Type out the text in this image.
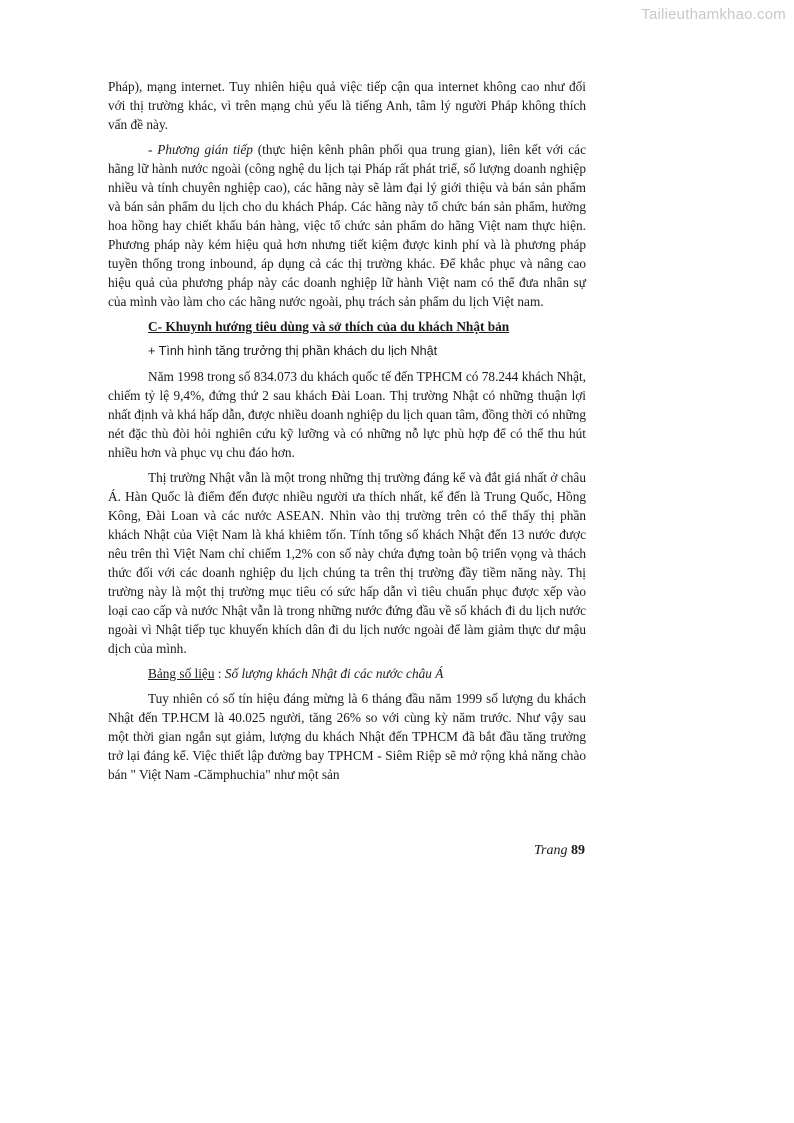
Tailieuthamkhao.com

Pháp), mạng internet. Tuy nhiên hiệu quả việc tiếp cận qua internet không cao như đối với thị trường khác, vì trên mạng chủ yếu là tiếng Anh, tâm lý người Pháp không thích vấn đề này.

- Phương gián tiếp (thực hiện kênh phân phối qua trung gian), liên kết với các hãng lữ hành nước ngoài (công nghệ du lịch tại Pháp rất phát triể, số lượng doanh nghiệp nhiều và tính chuyên nghiệp cao), các hãng này sẽ làm đại lý giới thiệu và bán sản phẩm và bán sản phẩm du lịch cho du khách Pháp. Các hãng này tổ chức bán sản phẩm, hưởng hoa hồng hay chiết khấu bán hàng, việc tổ chức sản phẩm do hãng Việt nam thực hiện. Phương pháp này kém hiệu quả hơn nhưng tiết kiệm được kinh phí và là phương pháp tuyền thống trong inbound, áp dụng cả các thị trường khác. Để khắc phục và nâng cao hiệu quả của phương pháp này các doanh nghiệp lữ hành Việt nam có thể đưa nhân sự của mình vào làm cho các hãng nước ngoài, phụ trách sản phẩm du lịch Việt nam.

C- Khuynh hướng tiêu dùng và sở thích của du khách Nhật bản

+ Tình hình tăng trưởng thị phần khách du lịch Nhật

Năm 1998 trong số 834.073 du khách quốc tế đến TPHCM có 78.244 khách Nhật, chiếm tỷ lệ 9,4%, đứng thứ 2 sau khách Đài Loan. Thị trường Nhật có những thuận lợi nhất định và khá hấp dẫn, được nhiều doanh nghiệp du lịch quan tâm, đồng thời có những nét đặc thù đòi hỏi nghiên cứu kỹ lưỡng và có những nỗ lực phù hợp để có thể thu hút nhiều hơn và phục vụ chu đáo hơn.

Thị trường Nhật vẫn là một trong những thị trường đáng kể và đắt giá nhất ở châu Á. Hàn Quốc là điểm đến được nhiều người ưa thích nhất, kế đến là Trung Quốc, Hồng Kông, Đài Loan và các nước ASEAN. Nhìn vào thị trường trên có thể thấy thị phần khách Nhật của Việt Nam là khá khiêm tốn. Tính tổng số khách Nhật đến 13 nước được nêu trên thì Việt Nam chỉ chiếm 1,2% con số này chứa đựng toàn bộ triển vọng và thách thức đối với các doanh nghiệp du lịch chúng ta trên thị trường đầy tiềm năng này. Thị trường này là một thị trường mục tiêu có sức hấp dẫn vì tiêu chuẩn phục được xếp vào loại cao cấp và nước Nhật vẫn là trong những nước đứng đầu về số khách đi du lịch nước ngoài vì Nhật tiếp tục khuyến khích dân đi du lịch nước ngoài để làm giảm thực dư mậu dịch của mình.

Bảng số liệu : Số lượng khách Nhật đi các nước châu Á

Tuy nhiên có số tín hiệu đáng mừng là 6 tháng đầu năm 1999 số lượng du khách Nhật đến TP.HCM là 40.025 người, tăng 26% so với cùng kỳ năm trước. Như vậy sau một thời gian ngắn sụt giảm, lượng du khách Nhật đến TPHCM đã bắt đầu tăng trưởng trở lại đáng kể. Việc thiết lập đường bay TPHCM - Siêm Riệp sẽ mở rộng khả năng chào bán " Việt Nam -Cămphuchia" như một sản

Trang 89
